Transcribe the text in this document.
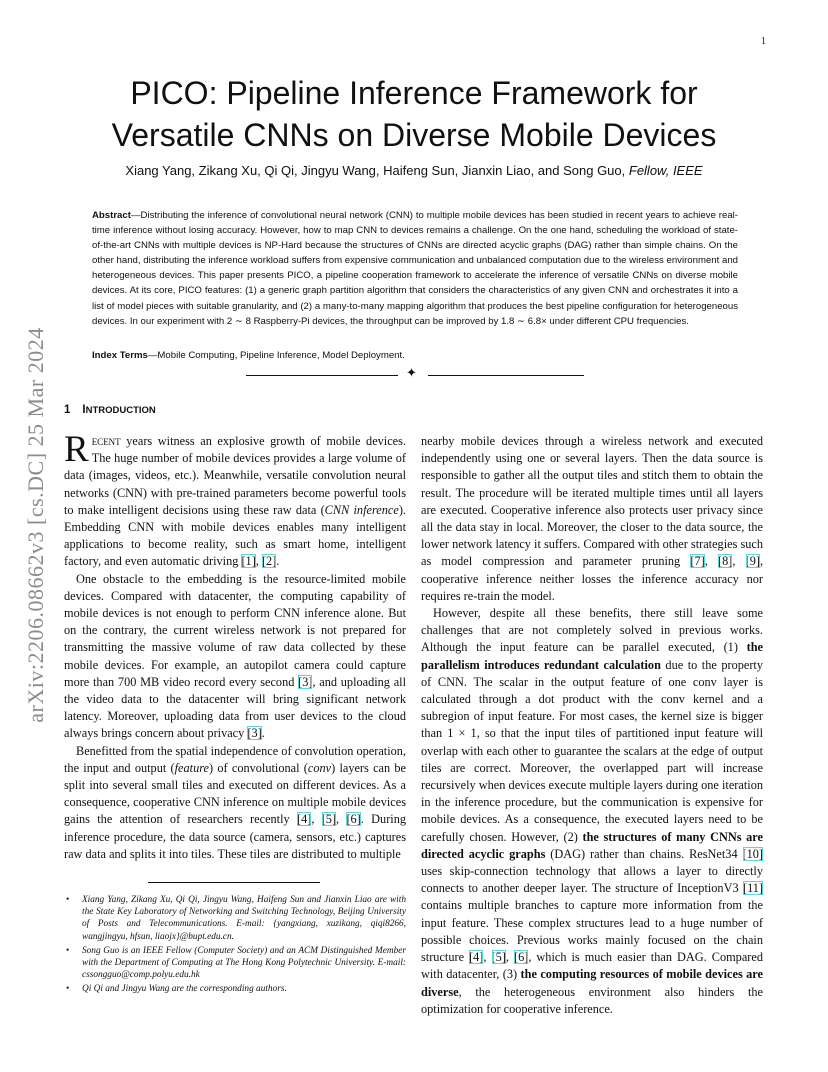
1
arXiv:2206.08662v3 [cs.DC] 25 Mar 2024
PICO: Pipeline Inference Framework for
Versatile CNNs on Diverse Mobile Devices
Xiang Yang, Zikang Xu, Qi Qi, Jingyu Wang, Haifeng Sun, Jianxin Liao, and Song Guo, Fellow, IEEE

Abstract—Distributing the inference of convolutional neural network (CNN) to multiple mobile devices has been studied in recent years to achieve real-time inference without losing accuracy. However, how to map CNN to devices remains a challenge. On the one hand, scheduling the workload of state-of-the-art CNNs with multiple devices is NP-Hard because the structures of CNNs are directed acyclic graphs (DAG) rather than simple chains. On the other hand, distributing the inference workload suffers from expensive communication and unbalanced computation due to the wireless environment and heterogeneous devices. This paper presents PICO, a pipeline cooperation framework to accelerate the inference of versatile CNNs on diverse mobile devices. At its core, PICO features: (1) a generic graph partition algorithm that considers the characteristics of any given CNN and orchestrates it into a list of model pieces with suitable granularity, and (2) a many-to-many mapping algorithm that produces the best pipeline configuration for heterogeneous devices. In our experiment with 2 ∼ 8 Raspberry-Pi devices, the throughput can be improved by 1.8 ∼ 6.8× under different CPU frequencies.

Index Terms—Mobile Computing, Pipeline Inference, Model Deployment.

✦
1 INTRODUCTION

Recent years witness an explosive growth of mobile devices. The huge number of mobile devices provides a large volume of data (images, videos, etc.). Meanwhile, versatile convolution neural networks (CNN) with pre-trained parameters become powerful tools to make intelligent decisions using these raw data (CNN inference). Embedding CNN with mobile devices enables many intelligent applications to become reality, such as smart home, intelligent factory, and even automatic driving [1], [2].

One obstacle to the embedding is the resource-limited mobile devices. Compared with datacenter, the computing capability of mobile devices is not enough to perform CNN inference alone. But on the contrary, the current wireless network is not prepared for transmitting the massive volume of raw data collected by these mobile devices. For example, an autopilot camera could capture more than 700 MB video record every second [3], and uploading all the video data to the datacenter will bring significant network latency. Moreover, uploading data from user devices to the cloud always brings concern about privacy [3].

Benefitted from the spatial independence of convolution operation, the input and output (feature) of convolutional (conv) layers can be split into several small tiles and executed on different devices. As a consequence, cooperative CNN inference on multiple mobile devices gains the attention of researchers recently [4], [5], [6]. During inference procedure, the data source (camera, sensors, etc.) captures raw data and splits it into tiles. These tiles are distributed to multiple

• Xiang Yang, Zikang Xu, Qi Qi, Jingyu Wang, Haifeng Sun and Jianxin Liao are with the State Key Laboratory of Networking and Switching Technology, Beijing University of Posts and Telecommunications. E-mail: {yangxiang, xuzikang, qiqi8266, wangjingyu, hfsun, liaojx}@bupt.edu.cn.
• Song Guo is an IEEE Fellow (Computer Society) and an ACM Distinguished Member with the Department of Computing at The Hong Kong Polytechnic University. E-mail: cssongguo@comp.polyu.edu.hk
• Qi Qi and Jingyu Wang are the corresponding authors.

nearby mobile devices through a wireless network and executed independently using one or several layers. Then the data source is responsible to gather all the output tiles and stitch them to obtain the result. The procedure will be iterated multiple times until all layers are executed. Cooperative inference also protects user privacy since all the data stay in local. Moreover, the closer to the data source, the lower network latency it suffers. Compared with other strategies such as model compression and parameter pruning [7], [8], [9], cooperative inference neither losses the inference accuracy nor requires re-train the model.

However, despite all these benefits, there still leave some challenges that are not completely solved in previous works. Although the input feature can be parallel executed, (1) the parallelism introduces redundant calculation due to the property of CNN. The scalar in the output feature of one conv layer is calculated through a dot product with the conv kernel and a subregion of input feature. For most cases, the kernel size is bigger than 1 × 1, so that the input tiles of partitioned input feature will overlap with each other to guarantee the scalars at the edge of output tiles are correct. Moreover, the overlapped part will increase recursively when devices execute multiple layers during one iteration in the inference procedure, but the communication is expensive for mobile devices. As a consequence, the executed layers need to be carefully chosen. However, (2) the structures of many CNNs are directed acyclic graphs (DAG) rather than chains. ResNet34 [10] uses skip-connection technology that allows a layer to directly connects to another deeper layer. The structure of InceptionV3 [11] contains multiple branches to capture more information from the input feature. These complex structures lead to a huge number of possible choices. Previous works mainly focused on the chain structure [4], [5], [6], which is much easier than DAG. Compared with datacenter, (3) the computing resources of mobile devices are diverse, the heterogeneous environment also hinders the optimization for cooperative inference.
